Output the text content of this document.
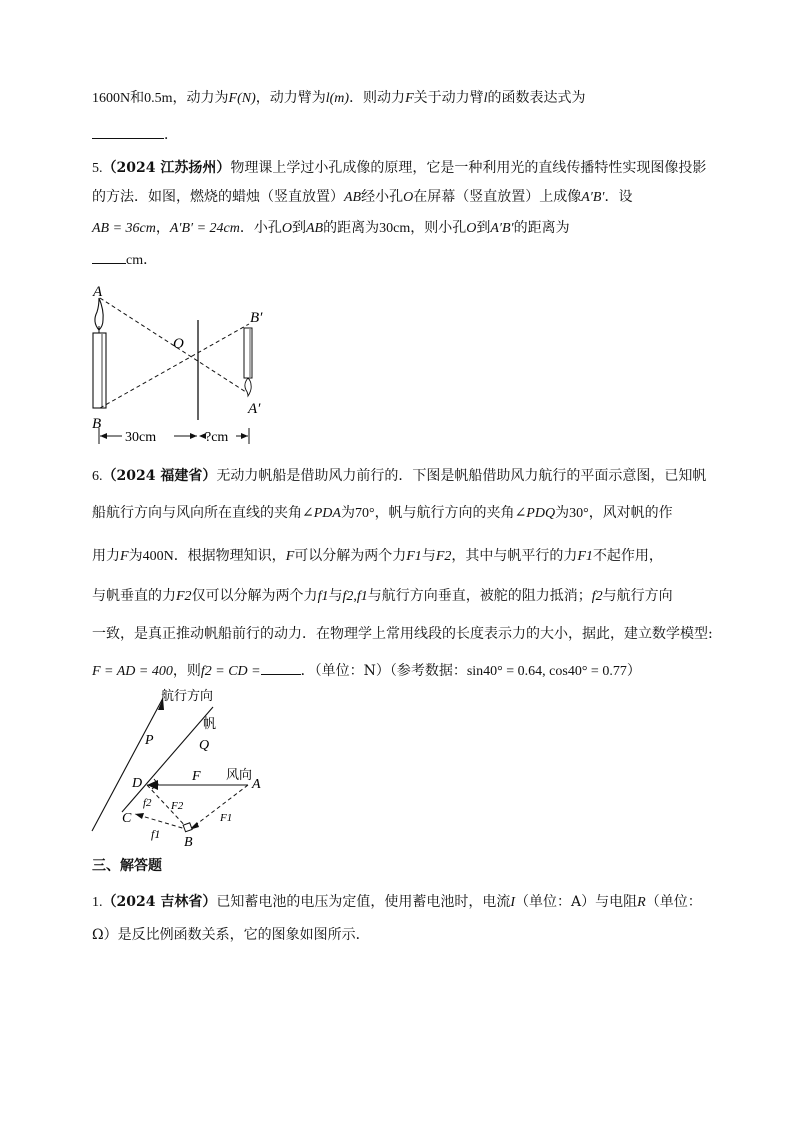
1600N和0.5m，动力为F(N)，动力臂为l(m)．则动力F关于动力臂l的函数表达式为
．
5.（2024 江苏扬州）物理课上学过小孔成像的原理，它是一种利用光的直线传播特性实现图像投影
的方法．如图，燃烧的蜡烛（竖直放置）AB经小孔O在屏幕（竖直放置）上成像A′B′．设
AB = 36cm，A′B′ = 24cm．小孔O到AB的距离为30cm，则小孔O到A′B′的距离为
cm．
A
B
O
B′
A′
30cm	?cm
6.（2024 福建省）无动力帆船是借助风力前行的．下图是帆船借助风力航行的平面示意图，已知帆
船航行方向与风向所在直线的夹角∠PDA为70°，帆与航行方向的夹角∠PDQ为30°，风对帆的作
用力F为400N．根据物理知识，F可以分解为两个力F1与F2，其中与帆平行的力F1不起作用，
与帆垂直的力F2仅可以分解为两个力f1与f2,f1与航行方向垂直，被舵的阻力抵消；f2与航行方向
一致，是真正推动帆船前行的动力．在物理学上常用线段的长度表示力的大小，据此，建立数学模型:
F = AD = 400，则f2 = CD =	．（单位：N）（参考数据：sin40° = 0.64, cos40° = 0.77）
航行方向
帆
风向
P	Q
D	F
A
f2 F2
F1
C
f1
B
三、解答题
1.（2024 吉林省）已知蓄电池的电压为定值，使用蓄电池时，电流I（单位：A）与电阻R（单位：
Ω）是反比例函数关系，它的图象如图所示．
